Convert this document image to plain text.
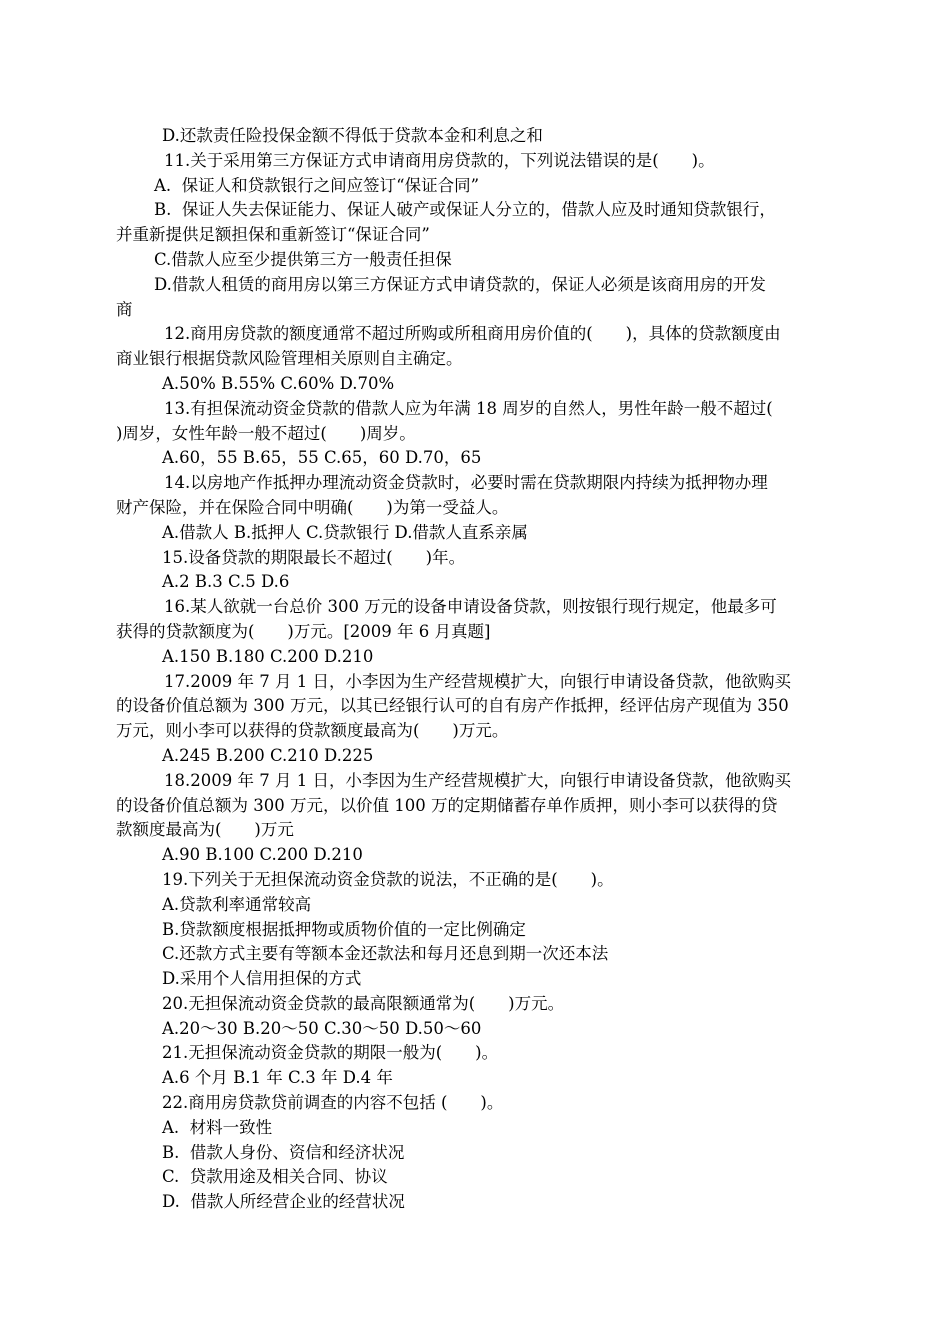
D.还款责任险投保金额不得低于贷款本金和利息之和
11.关于采用第三方保证方式申请商用房贷款的，下列说法错误的是(　　)。
A.  保证人和贷款银行之间应签订“保证合同”
B.  保证人失去保证能力、保证人破产或保证人分立的，借款人应及时通知贷款银行，
并重新提供足额担保和重新签订“保证合同”
C.借款人应至少提供第三方一般责任担保
D.借款人租赁的商用房以第三方保证方式申请贷款的，保证人必须是该商用房的开发
商
12.商用房贷款的额度通常不超过所购或所租商用房价值的(　　)，具体的贷款额度由
商业银行根据贷款风险管理相关原则自主确定。
A.50% B.55% C.60% D.70%
13.有担保流动资金贷款的借款人应为年满 18 周岁的自然人，男性年龄一般不超过(
)周岁，女性年龄一般不超过(　　)周岁。
A.60，55 B.65，55 C.65，60 D.70，65
14.以房地产作抵押办理流动资金贷款时，必要时需在贷款期限内持续为抵押物办理
财产保险，并在保险合同中明确(　　)为第一受益人。
A.借款人 B.抵押人 C.贷款银行 D.借款人直系亲属
15.设备贷款的期限最长不超过(　　)年。
A.2 B.3 C.5 D.6
16.某人欲就一台总价 300 万元的设备申请设备贷款，则按银行现行规定，他最多可
获得的贷款额度为(　　)万元。[2009 年 6 月真题]
A.150 B.180 C.200 D.210
17.2009 年 7 月 1 日，小李因为生产经营规模扩大，向银行申请设备贷款，他欲购买
的设备价值总额为 300 万元，以其已经银行认可的自有房产作抵押，经评估房产现值为 350
万元，则小李可以获得的贷款额度最高为(　　)万元。
A.245 B.200 C.210 D.225
18.2009 年 7 月 1 日，小李因为生产经营规模扩大，向银行申请设备贷款，他欲购买
的设备价值总额为 300 万元，以价值 100 万的定期储蓄存单作质押，则小李可以获得的贷
款额度最高为(　　)万元
A.90 B.100 C.200 D.210
19.下列关于无担保流动资金贷款的说法，不正确的是(　　)。
A.贷款利率通常较高
B.贷款额度根据抵押物或质物价值的一定比例确定
C.还款方式主要有等额本金还款法和每月还息到期一次还本法
D.采用个人信用担保的方式
20.无担保流动资金贷款的最高限额通常为(　　)万元。
A.20～30 B.20～50 C.30～50 D.50～60
21.无担保流动资金贷款的期限一般为(　　)。
A.6 个月 B.1 年 C.3 年 D.4 年
22.商用房贷款贷前调查的内容不包括 (　　)。
A.  材料一致性
B.  借款人身份、资信和经济状况
C.  贷款用途及相关合同、协议
D.  借款人所经营企业的经营状况
